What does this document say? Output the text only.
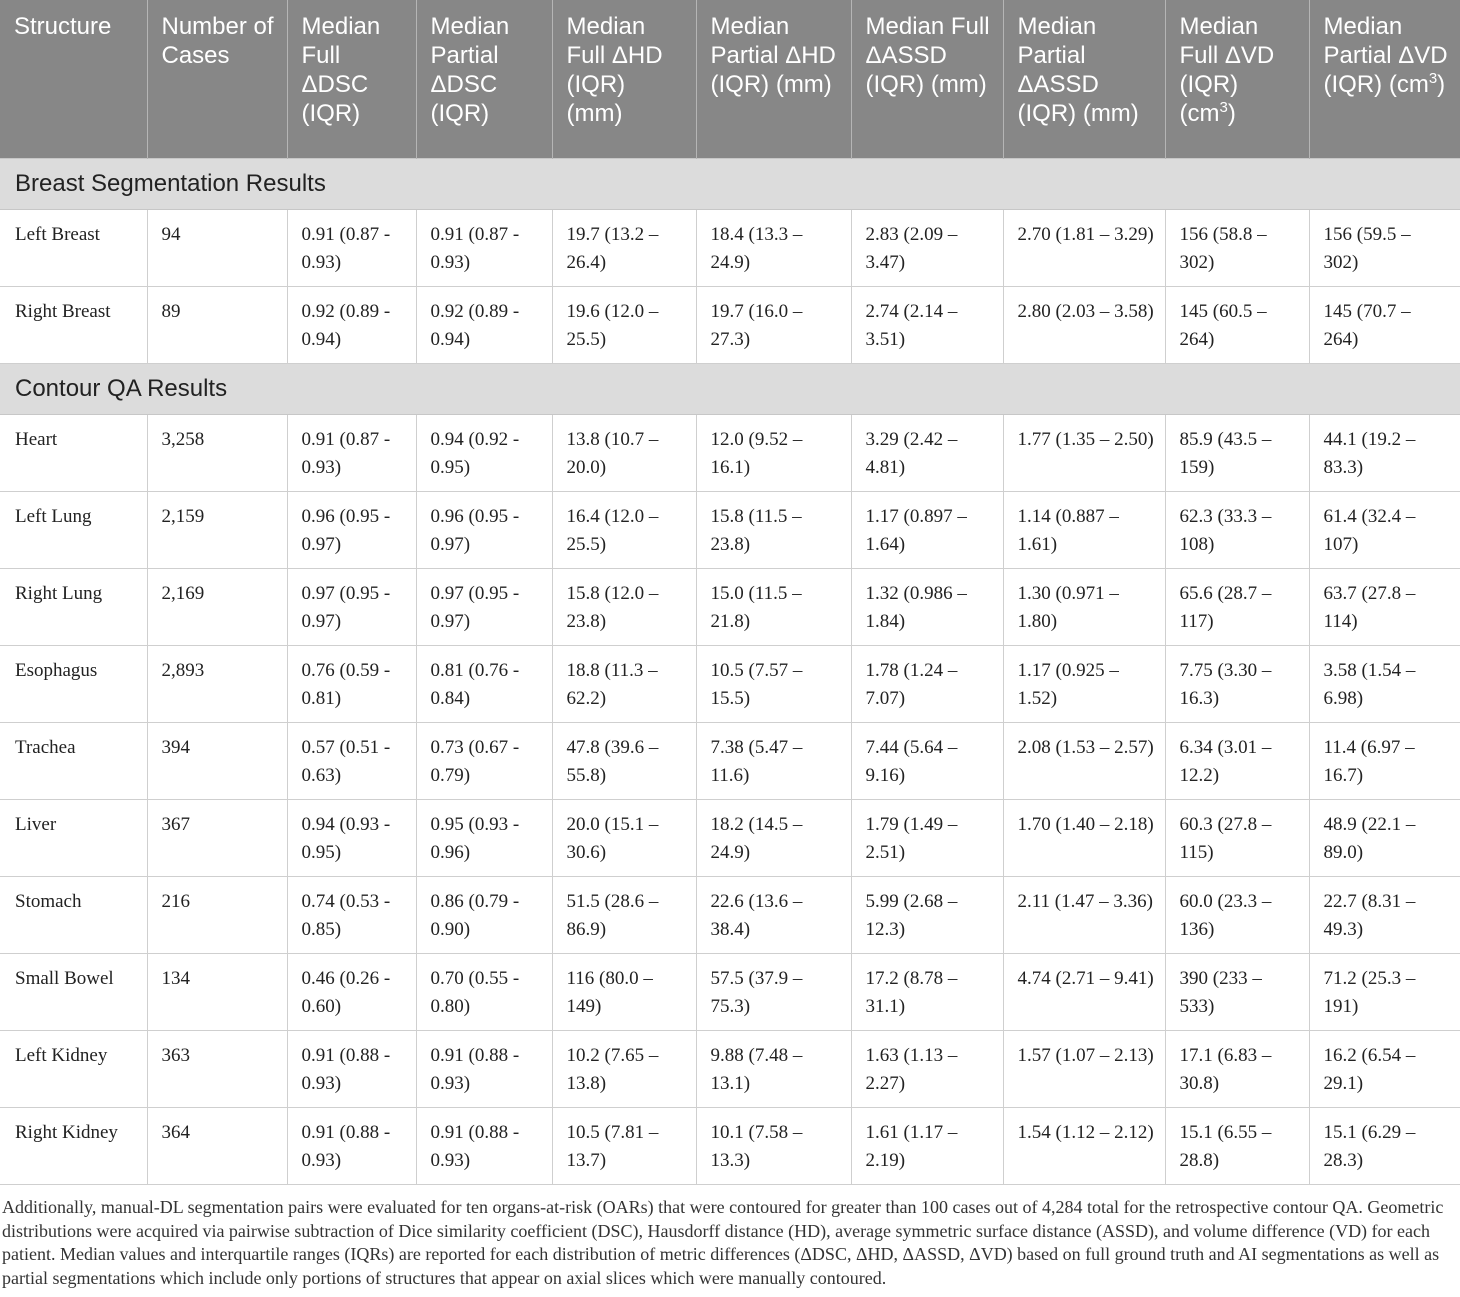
Structure	Number of Cases	Median Full ΔDSC (IQR)	Median Partial ΔDSC (IQR)	Median Full ΔHD (IQR) (mm)	Median Partial ΔHD (IQR) (mm)	Median Full ΔASSD (IQR) (mm)	Median Partial ΔASSD (IQR) (mm)	Median Full ΔVD (IQR) $(cm^3)$	Median Partial ΔVD (IQR) $(cm^3)$
Breast Segmentation Results									
Left Breast	94	0.91 (0.87 - 0.93)	0.91 (0.87 - 0.93)	19.7 (13.2 – 26.4)	18.4 (13.3 – 24.9)	2.83 (2.09 – 3.47)	2.70 (1.81 – 3.29)	156 (58.8 – 302)	156 (59.5 – 302)
Right Breast	89	0.92 (0.89 - 0.94)	0.92 (0.89 - 0.94)	19.6 (12.0 – 25.5)	19.7 (16.0 – 27.3)	2.74 (2.14 – 3.51)	2.80 (2.03 – 3.58)	145 (60.5 – 264)	145 (70.7 – 264)
Contour QA Results									
Heart	3,258	0.91 (0.87 - 0.93)	0.94 (0.92 - 0.95)	13.8 (10.7 – 20.0)	12.0 (9.52 – 16.1)	3.29 (2.42 – 4.81)	1.77 (1.35 – 2.50)	85.9 (43.5 – 159)	44.1 (19.2 – 83.3)
Left Lung	2,159	0.96 (0.95 - 0.97)	0.96 (0.95 - 0.97)	16.4 (12.0 – 25.5)	15.8 (11.5 – 23.8)	1.17 (0.897 – 1.64)	1.14 (0.887 – 1.61)	62.3 (33.3 – 108)	61.4 (32.4 – 107)
Right Lung	2,169	0.97 (0.95 - 0.97)	0.97 (0.95 - 0.97)	15.8 (12.0 – 23.8)	15.0 (11.5 – 21.8)	1.32 (0.986 – 1.84)	1.30 (0.971 – 1.80)	65.6 (28.7 – 117)	63.7 (27.8 – 114)
Esophagus	2,893	0.76 (0.59 - 0.81)	0.81 (0.76 - 0.84)	18.8 (11.3 – 62.2)	10.5 (7.57 – 15.5)	1.78 (1.24 – 7.07)	1.17 (0.925 – 1.52)	7.75 (3.30 – 16.3)	3.58 (1.54 – 6.98)
Trachea	394	0.57 (0.51 - 0.63)	0.73 (0.67 - 0.79)	47.8 (39.6 – 55.8)	7.38 (5.47 – 11.6)	7.44 (5.64 – 9.16)	2.08 (1.53 – 2.57)	6.34 (3.01 – 12.2)	11.4 (6.97 – 16.7)
Liver	367	0.94 (0.93 - 0.95)	0.95 (0.93 - 0.96)	20.0 (15.1 – 30.6)	18.2 (14.5 – 24.9)	1.79 (1.49 – 2.51)	1.70 (1.40 – 2.18)	60.3 (27.8 – 115)	48.9 (22.1 – 89.0)
Stomach	216	0.74 (0.53 - 0.85)	0.86 (0.79 - 0.90)	51.5 (28.6 – 86.9)	22.6 (13.6 – 38.4)	5.99 (2.68 – 12.3)	2.11 (1.47 – 3.36)	60.0 (23.3 – 136)	22.7 (8.31 – 49.3)
Small Bowel	134	0.46 (0.26 - 0.60)	0.70 (0.55 - 0.80)	116 (80.0 – 149)	57.5 (37.9 – 75.3)	17.2 (8.78 – 31.1)	4.74 (2.71 – 9.41)	390 (233 – 533)	71.2 (25.3 – 191)
Left Kidney	363	0.91 (0.88 - 0.93)	0.91 (0.88 - 0.93)	10.2 (7.65 – 13.8)	9.88 (7.48 – 13.1)	1.63 (1.13 – 2.27)	1.57 (1.07 – 2.13)	17.1 (6.83 – 30.8)	16.2 (6.54 – 29.1)
Right Kidney	364	0.91 (0.88 - 0.93)	0.91 (0.88 - 0.93)	10.5 (7.81 – 13.7)	10.1 (7.58 – 13.3)	1.61 (1.17 – 2.19)	1.54 (1.12 – 2.12)	15.1 (6.55 – 28.8)	15.1 (6.29 – 28.3)

Additionally, manual-DL segmentation pairs were evaluated for ten organs-at-risk (OARs) that were contoured for greater than 100 cases out of 4,284 total for the retrospective contour QA. Geometric distributions were acquired via pairwise subtraction of Dice similarity coefficient (DSC), Hausdorff distance (HD), average symmetric surface distance (ASSD), and volume difference (VD) for each patient. Median values and interquartile ranges (IQRs) are reported for each distribution of metric differences (ΔDSC, ΔHD, ΔASSD, ΔVD) based on full ground truth and AI segmentations as well as partial segmentations which include only portions of structures that appear on axial slices which were manually contoured.
